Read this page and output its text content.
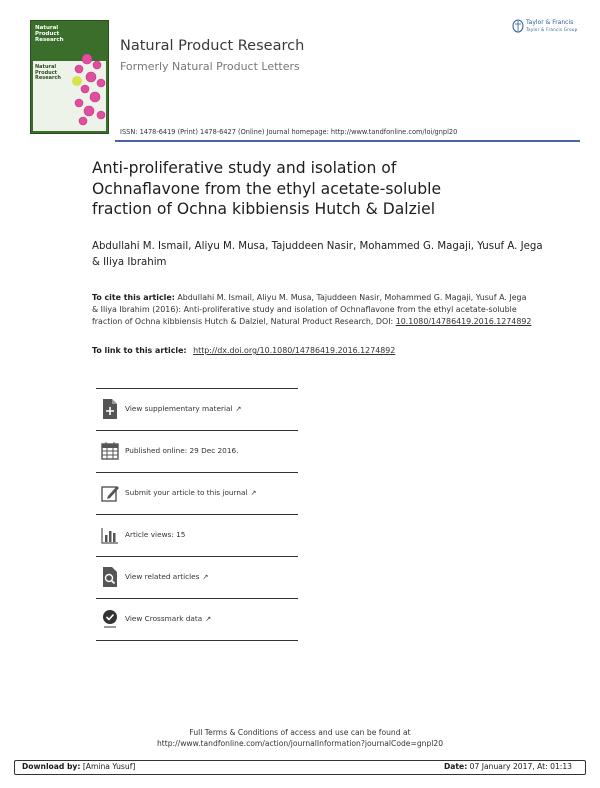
Natural Product Research
Natural Product Research
Natural Product Research
Formerly Natural Product Letters
Taylor & Francis
Taylor & Francis Group
ISSN: 1478-6419 (Print) 1478-6427 (Online) Journal homepage: http://www.tandfonline.com/loi/gnpl20
Anti-proliferative study and isolation of Ochnaflavone from the ethyl acetate-soluble fraction of Ochna kibbiensis Hutch & Dalziel
Abdullahi M. Ismail, Aliyu M. Musa, Tajuddeen Nasir, Mohammed G. Magaji, Yusuf A. Jega & Iliya Ibrahim
To cite this article: Abdullahi M. Ismail, Aliyu M. Musa, Tajuddeen Nasir, Mohammed G. Magaji, Yusuf A. Jega & Iliya Ibrahim (2016): Anti-proliferative study and isolation of Ochnaflavone from the ethyl acetate-soluble fraction of Ochna kibbiensis Hutch & Dalziel, Natural Product Research, DOI: 10.1080/14786419.2016.1274892
To link to this article: http://dx.doi.org/10.1080/14786419.2016.1274892
View supplementary material ↗
Published online: 29 Dec 2016.
Submit your article to this journal ↗
Article views: 15
View related articles ↗
View Crossmark data ↗
Full Terms & Conditions of access and use can be found at
http://www.tandfonline.com/action/journalInformation?journalCode=gnpl20
Download by: [Amina Yusuf]	Date: 07 January 2017, At: 01:13
